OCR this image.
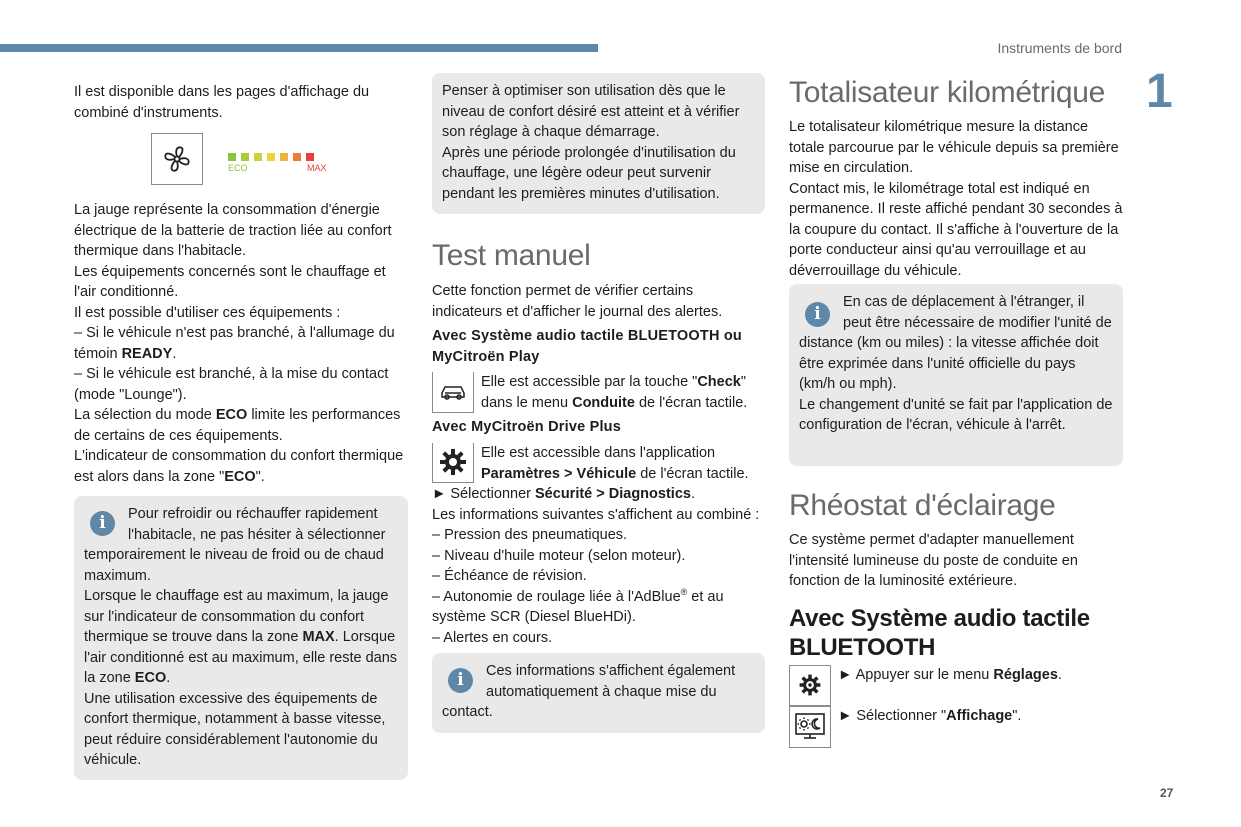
Instruments de bord
1
27

Il est disponible dans les pages d'affichage du combiné d'instruments.

ECO	MAX

La jauge représente la consommation d'énergie électrique de la batterie de traction liée au confort thermique dans l'habitacle.

Les équipements concernés sont le chauffage et l'air conditionné.

Il est possible d'utiliser ces équipements :

– Si le véhicule n'est pas branché, à l'allumage du témoin READY.

– Si le véhicule est branché, à la mise du contact (mode "Lounge").

La sélection du mode ECO limite les performances de certains de ces équipements.

L'indicateur de consommation du confort thermique est alors dans la zone "ECO".

i	Pour refroidir ou réchauffer rapidement l'habitacle, ne pas hésiter à sélectionner temporairement le niveau de froid ou de chaud maximum.

Lorsque le chauffage est au maximum, la jauge sur l'indicateur de consommation du confort thermique se trouve dans la zone MAX. Lorsque l'air conditionné est au maximum, elle reste dans la zone ECO.

Une utilisation excessive des équipements de confort thermique, notamment à basse vitesse, peut réduire considérablement l'autonomie du véhicule.

Penser à optimiser son utilisation dès que le niveau de confort désiré est atteint et à vérifier son réglage à chaque démarrage.

Après une période prolongée d'inutilisation du chauffage, une légère odeur peut survenir pendant les premières minutes d'utilisation.

Test manuel

Cette fonction permet de vérifier certains indicateurs et d'afficher le journal des alertes.

Avec Système audio tactile BLUETOOTH ou MyCitroën Play

Elle est accessible par la touche "Check" dans le menu Conduite de l'écran tactile.

Avec MyCitroën Drive Plus

Elle est accessible dans l'application Paramètres > Véhicule de l'écran tactile.

► Sélectionner Sécurité > Diagnostics.

Les informations suivantes s'affichent au combiné :

– Pression des pneumatiques.

– Niveau d'huile moteur (selon moteur).

– Échéance de révision.

– Autonomie de roulage liée à l'AdBlue® et au système SCR (Diesel BlueHDi).

– Alertes en cours.

i	Ces informations s'affichent également automatiquement à chaque mise du contact.

Totalisateur kilométrique

Le totalisateur kilométrique mesure la distance totale parcourue par le véhicule depuis sa première mise en circulation.

Contact mis, le kilométrage total est indiqué en permanence. Il reste affiché pendant 30 secondes à la coupure du contact. Il s'affiche à l'ouverture de la porte conducteur ainsi qu'au verrouillage et au déverrouillage du véhicule.

i

En cas de déplacement à l'étranger, il peut être nécessaire de modifier l'unité de distance (km ou miles) : la vitesse affichée doit être exprimée dans l'unité officielle du pays (km/h ou mph).

Le changement d'unité se fait par l'application de configuration de l'écran, véhicule à l'arrêt.

Rhéostat d'éclairage

Ce système permet d'adapter manuellement l'intensité lumineuse du poste de conduite en fonction de la luminosité extérieure.

Avec Système audio tactile BLUETOOTH

► Appuyer sur le menu Réglages.

► Sélectionner "Affichage".
